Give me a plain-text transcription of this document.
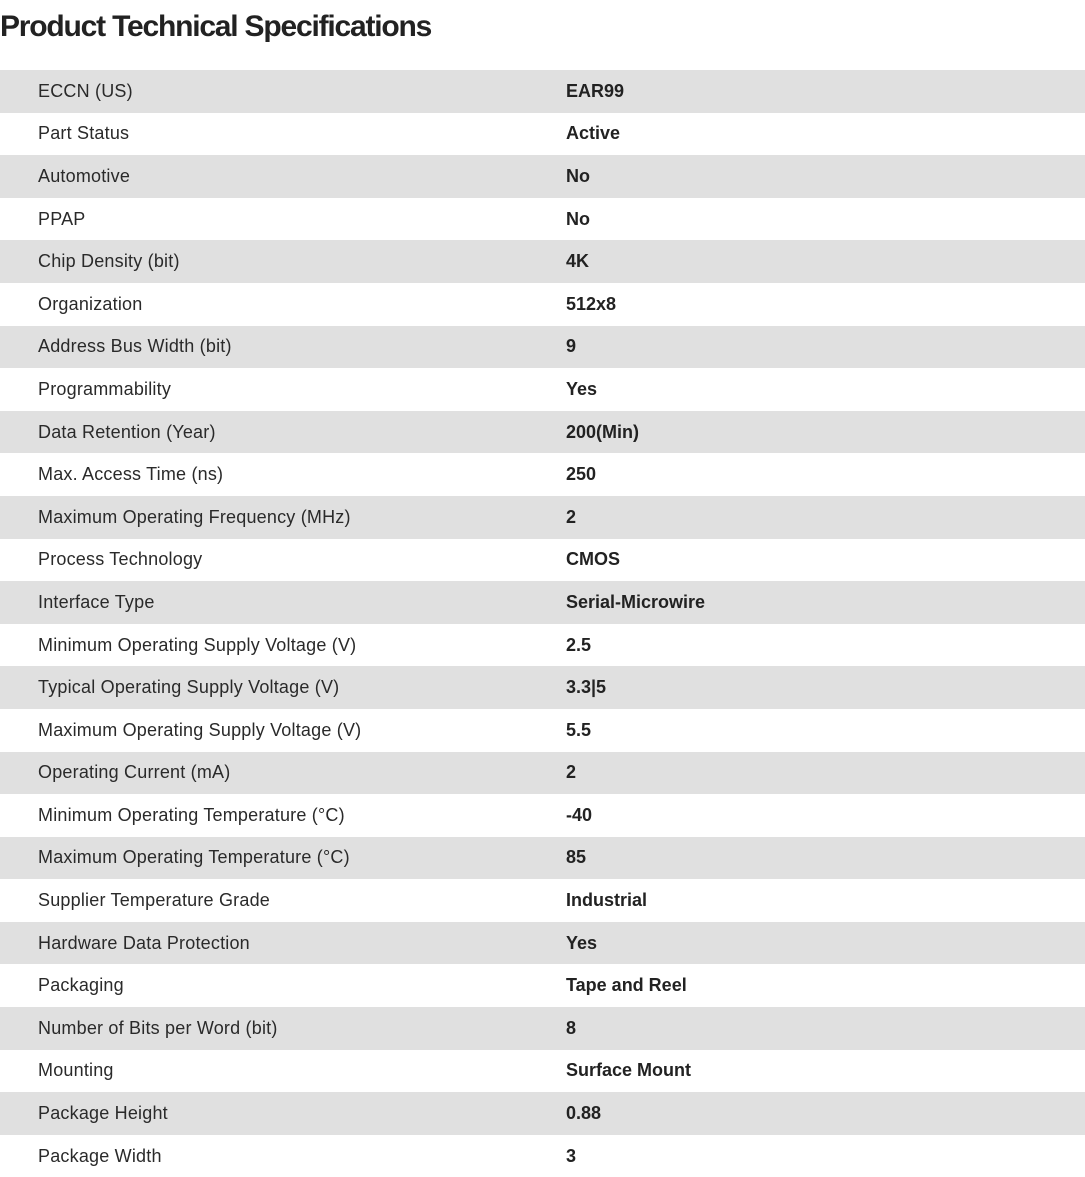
Product Technical Specifications
ECCN (US)	EAR99
Part Status	Active
Automotive	No
PPAP	No
Chip Density (bit)	4K
Organization	512x8
Address Bus Width (bit)	9
Programmability	Yes
Data Retention (Year)	200(Min)
Max. Access Time (ns)	250
Maximum Operating Frequency (MHz)	2
Process Technology	CMOS
Interface Type	Serial-Microwire
Minimum Operating Supply Voltage (V)	2.5
Typical Operating Supply Voltage (V)	3.3|5
Maximum Operating Supply Voltage (V)	5.5
Operating Current (mA)	2
Minimum Operating Temperature (°C)	-40
Maximum Operating Temperature (°C)	85
Supplier Temperature Grade	Industrial
Hardware Data Protection	Yes
Packaging	Tape and Reel
Number of Bits per Word (bit)	8
Mounting	Surface Mount
Package Height	0.88
Package Width	3
